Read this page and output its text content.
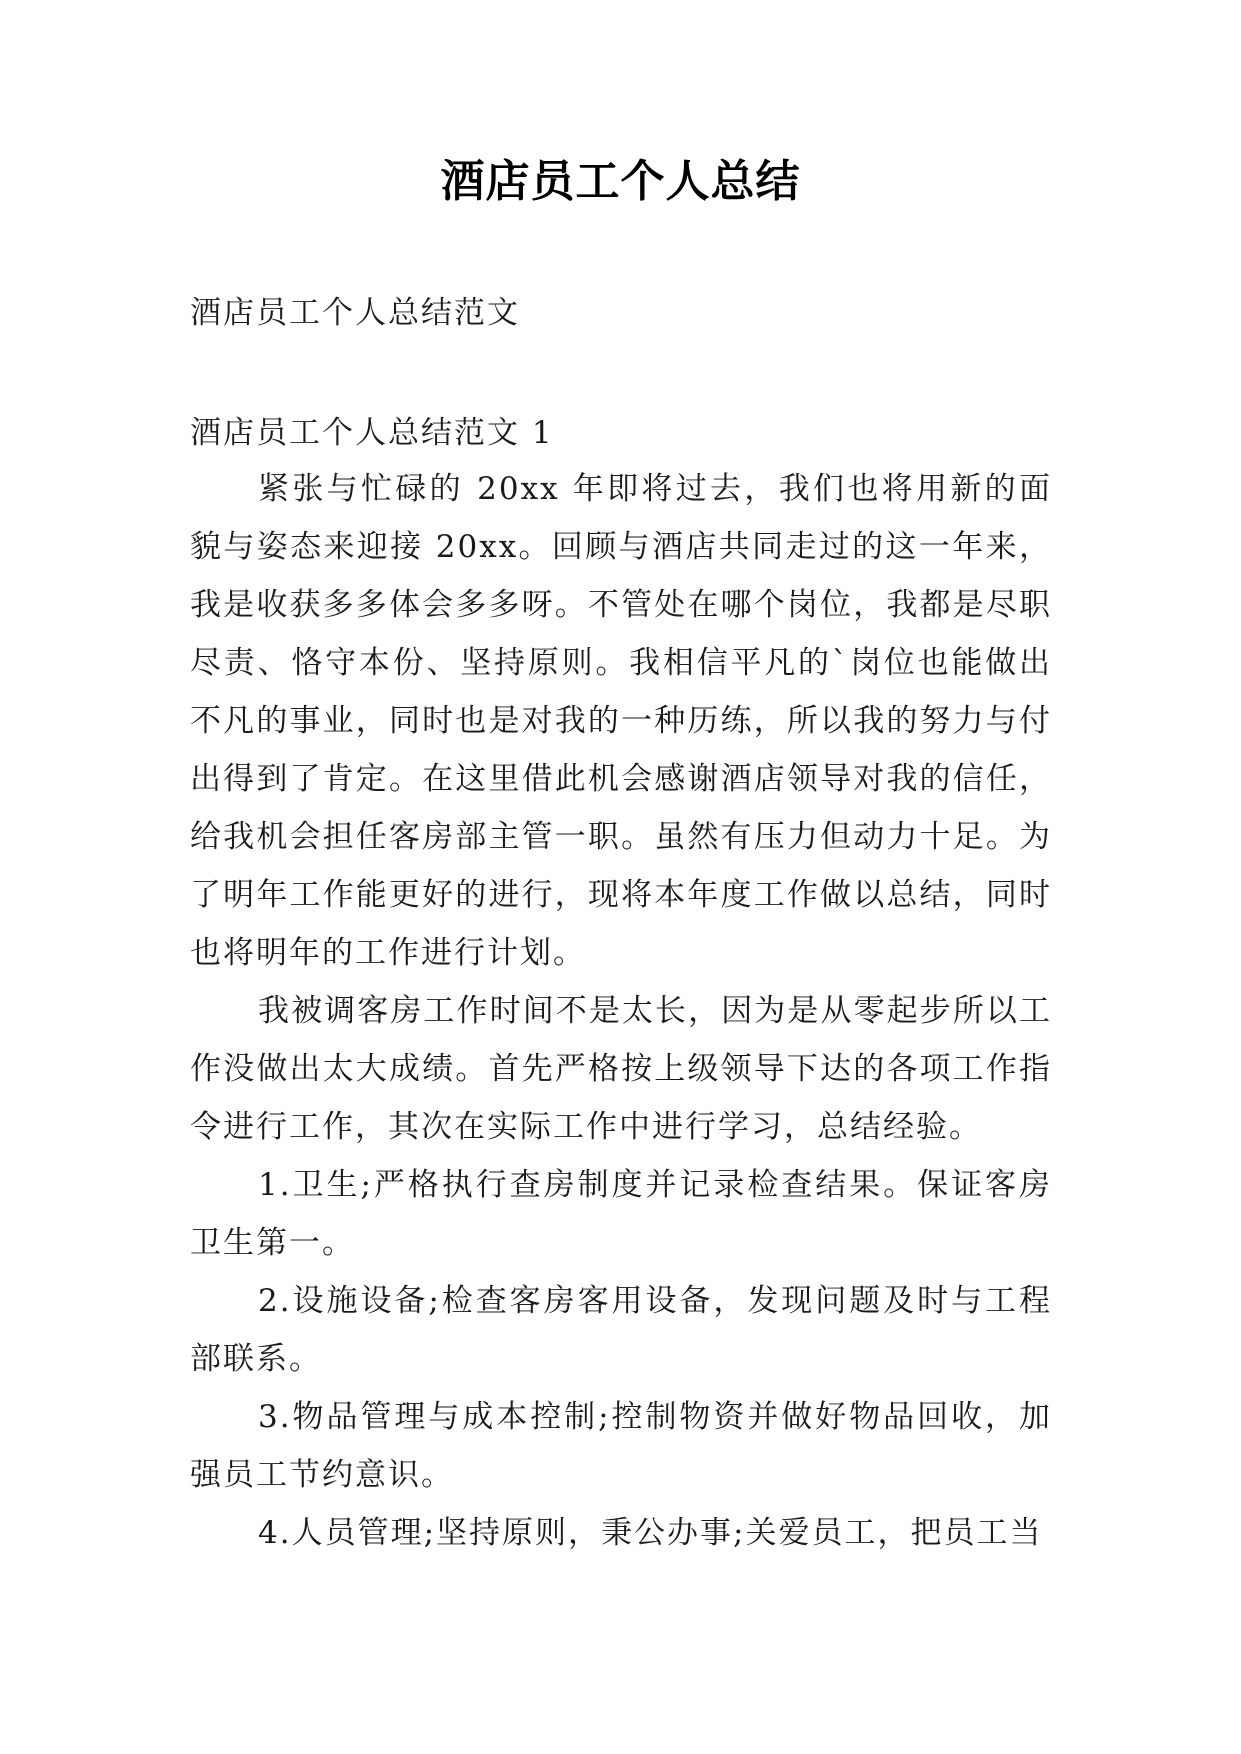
酒店员工个人总结
酒店员工个人总结范文
酒店员工个人总结范文 1

紧张与忙碌的 20xx 年即将过去，我们也将用新的面貌与姿态来迎接 20xx。回顾与酒店共同走过的这一年来，我是收获多多体会多多呀。不管处在哪个岗位，我都是尽职尽责、恪守本份、坚持原则。我相信平凡的`岗位也能做出不凡的事业，同时也是对我的一种历练，所以我的努力与付出得到了肯定。在这里借此机会感谢酒店领导对我的信任，给我机会担任客房部主管一职。虽然有压力但动力十足。为了明年工作能更好的进行，现将本年度工作做以总结，同时也将明年的工作进行计划。

我被调客房工作时间不是太长，因为是从零起步所以工作没做出太大成绩。首先严格按上级领导下达的各项工作指令进行工作，其次在实际工作中进行学习，总结经验。

1.卫生;严格执行查房制度并记录检查结果。保证客房卫生第一。

2.设施设备;检查客房客用设备，发现问题及时与工程部联系。

3.物品管理与成本控制;控制物资并做好物品回收，加强员工节约意识。

4.人员管理;坚持原则，秉公办事;关爱员工，把员工当
